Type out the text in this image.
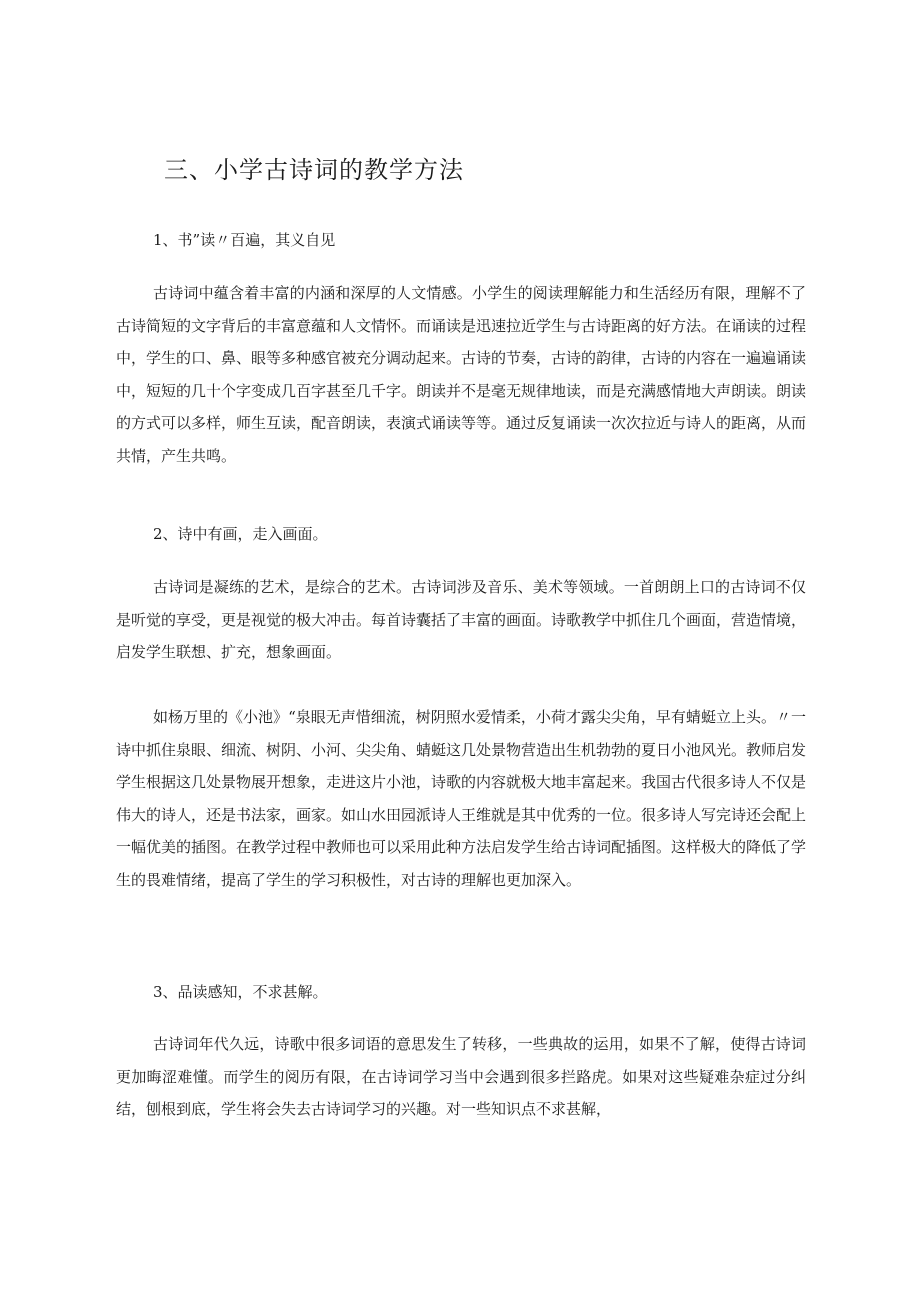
三、小学古诗词的教学方法

1、书”读〃百遍，其义自见

古诗词中蕴含着丰富的内涵和深厚的人文情感。小学生的阅读理解能力和生活经历有限，理解不了古诗简短的文字背后的丰富意蕴和人文情怀。而诵读是迅速拉近学生与古诗距离的好方法。在诵读的过程中，学生的口、鼻、眼等多种感官被充分调动起来。古诗的节奏，古诗的韵律，古诗的内容在一遍遍诵读中，短短的几十个字变成几百字甚至几千字。朗读并不是毫无规律地读，而是充满感情地大声朗读。朗读的方式可以多样，师生互读，配音朗读，表演式诵读等等。通过反复诵读一次次拉近与诗人的距离，从而共情，产生共鸣。

2、诗中有画，走入画面。

古诗词是凝练的艺术，是综合的艺术。古诗词涉及音乐、美术等领域。一首朗朗上口的古诗词不仅是听觉的享受，更是视觉的极大冲击。每首诗囊括了丰富的画面。诗歌教学中抓住几个画面，营造情境，启发学生联想、扩充，想象画面。

如杨万里的《小池》“泉眼无声惜细流，树阴照水爱情柔，小荷才露尖尖角，早有蜻蜓立上头。〃一诗中抓住泉眼、细流、树阴、小河、尖尖角、蜻蜓这几处景物营造出生机勃勃的夏日小池风光。教师启发学生根据这几处景物展开想象，走进这片小池，诗歌的内容就极大地丰富起来。我国古代很多诗人不仅是伟大的诗人，还是书法家，画家。如山水田园派诗人王维就是其中优秀的一位。很多诗人写完诗还会配上一幅优美的插图。在教学过程中教师也可以采用此种方法启发学生给古诗词配插图。这样极大的降低了学生的畏难情绪，提高了学生的学习积极性，对古诗的理解也更加深入。

3、品读感知，不求甚解。

古诗词年代久远，诗歌中很多词语的意思发生了转移，一些典故的运用，如果不了解，使得古诗词更加晦涩难懂。而学生的阅历有限，在古诗词学习当中会遇到很多拦路虎。如果对这些疑难杂症过分纠结，刨根到底，学生将会失去古诗词学习的兴趣。对一些知识点不求甚解，
